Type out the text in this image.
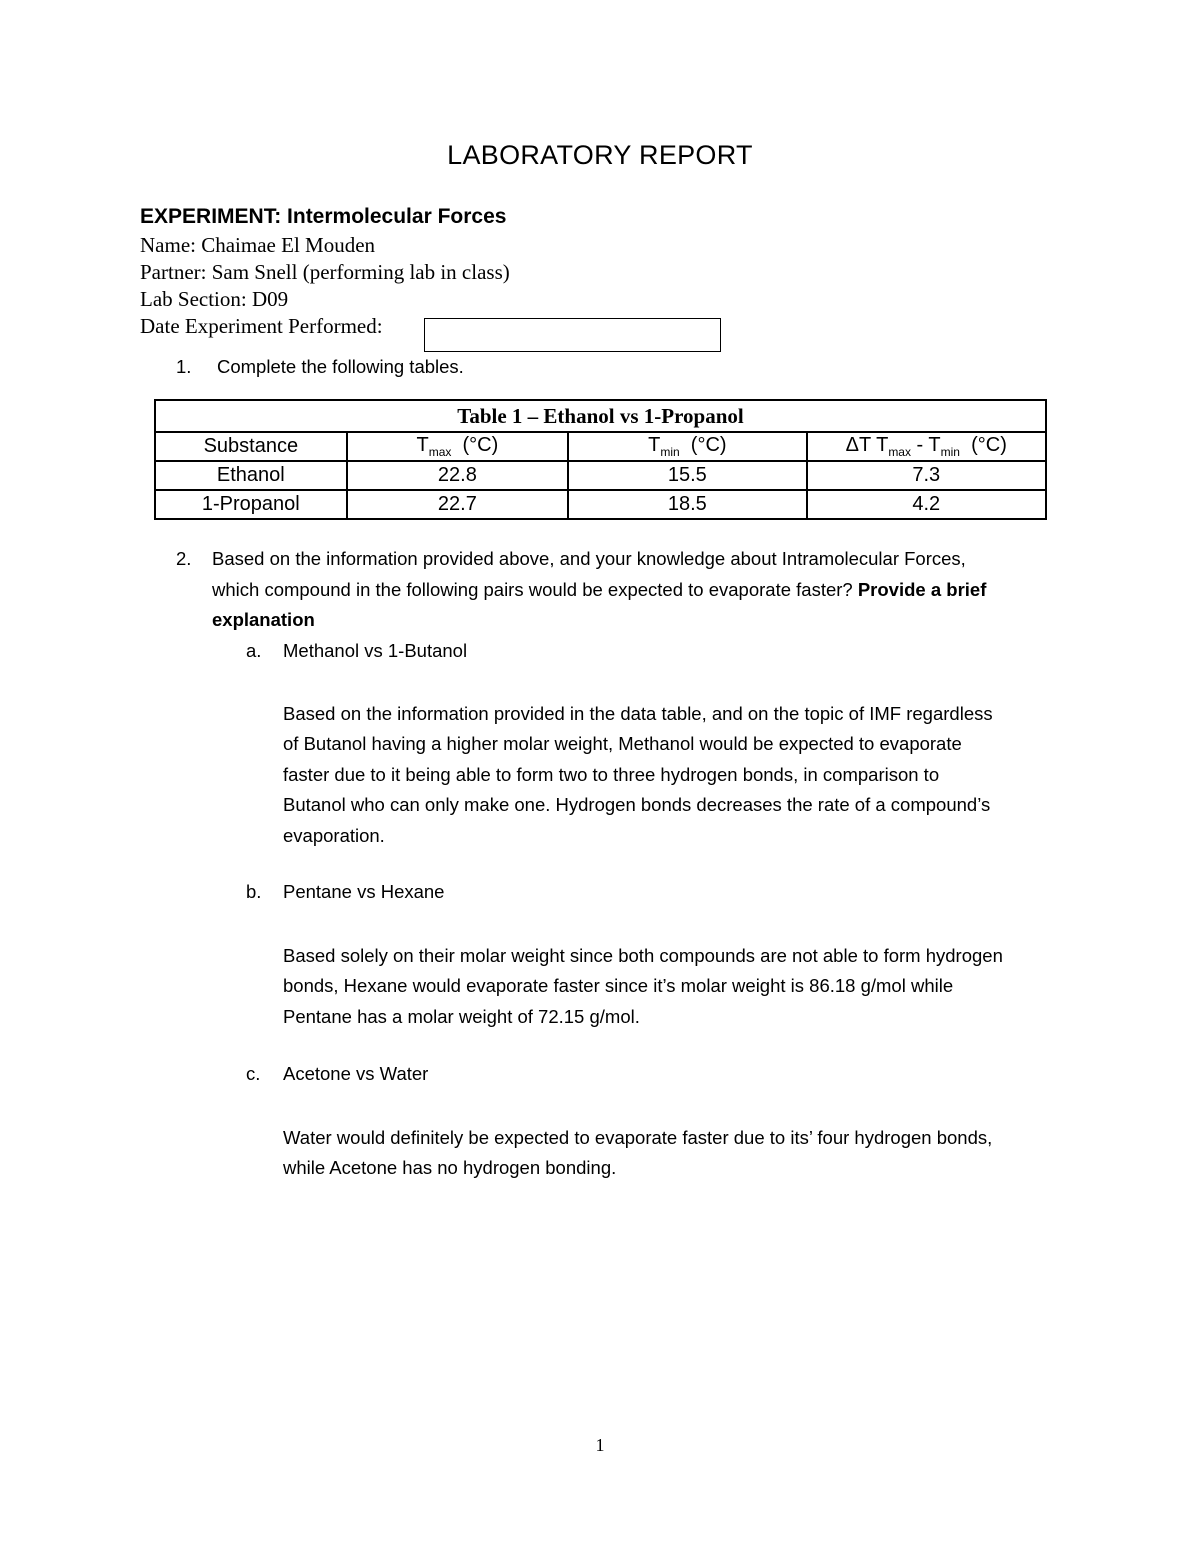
LABORATORY REPORT
EXPERIMENT: Intermolecular Forces
Name: Chaimae El Mouden
Partner: Sam Snell (performing lab in class)
Lab Section: D09
Date Experiment Performed:
1. Complete the following tables.
Table 1 – Ethanol vs 1-Propanol			
Substance	$T_{max}$ (°C)	$T_{min}$ (°C)	ΔT $T_{max} - T_{min}$ (°C)
Ethanol	22.8	15.5	7.3
1-Propanol	22.7	18.5	4.2
2. Based on the information provided above, and your knowledge about Intramolecular Forces,
which compound in the following pairs would be expected to evaporate faster? Provide a brief
explanation
a. Methanol vs 1-Butanol
Based on the information provided in the data table, and on the topic of IMF regardless
of Butanol having a higher molar weight, Methanol would be expected to evaporate
faster due to it being able to form two to three hydrogen bonds, in comparison to
Butanol who can only make one. Hydrogen bonds decreases the rate of a compound’s
evaporation.
b. Pentane vs Hexane
Based solely on their molar weight since both compounds are not able to form hydrogen
bonds, Hexane would evaporate faster since it’s molar weight is 86.18 g/mol while
Pentane has a molar weight of 72.15 g/mol.
c. Acetone vs Water
Water would definitely be expected to evaporate faster due to its’ four hydrogen bonds,
while Acetone has no hydrogen bonding.
1
